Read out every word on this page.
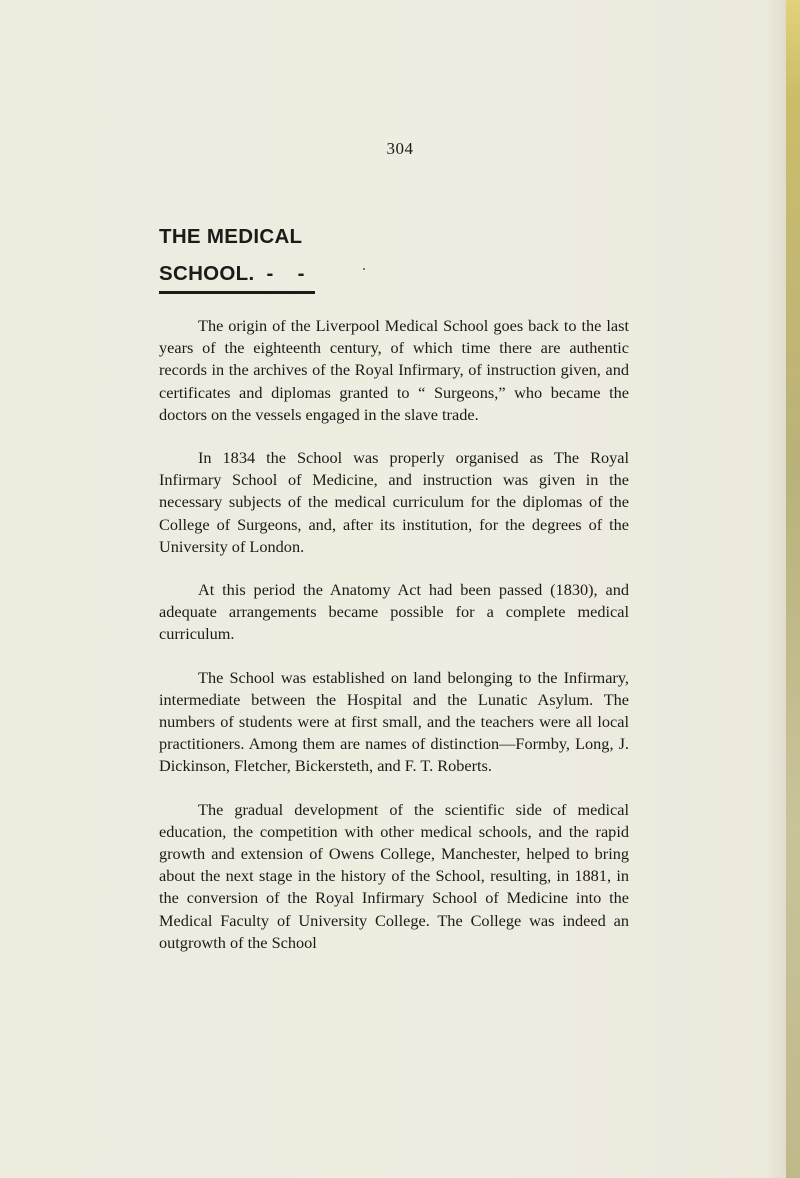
304
THE MEDICAL
SCHOOL.  -    -

The origin of the Liverpool Medical School goes back to the last years of the eighteenth century, of which time there are authentic records in the archives of the Royal Infirmary, of instruction given, and certificates and diplomas granted to “ Surgeons,” who became the doctors on the vessels engaged in the slave trade.

In 1834 the School was properly organised as The Royal Infirmary School of Medicine, and instruction was given in the necessary subjects of the medical curriculum for the diplomas of the College of Surgeons, and, after its institution, for the degrees of the University of London.

At this period the Anatomy Act had been passed (1830), and adequate arrangements became possible for a complete medical curriculum.

The School was established on land belonging to the Infirmary, intermediate between the Hospital and the Lunatic Asylum. The numbers of students were at first small, and the teachers were all local practitioners. Among them are names of distinction—Formby, Long, J. Dickinson, Fletcher, Bickersteth, and F. T. Roberts.

The gradual development of the scientific side of medical education, the competition with other medical schools, and the rapid growth and extension of Owens College, Manchester, helped to bring about the next stage in the history of the School, resulting, in 1881, in the conversion of the Royal Infirmary School of Medicine into the Medical Faculty of University College. The College was indeed an outgrowth of the School
